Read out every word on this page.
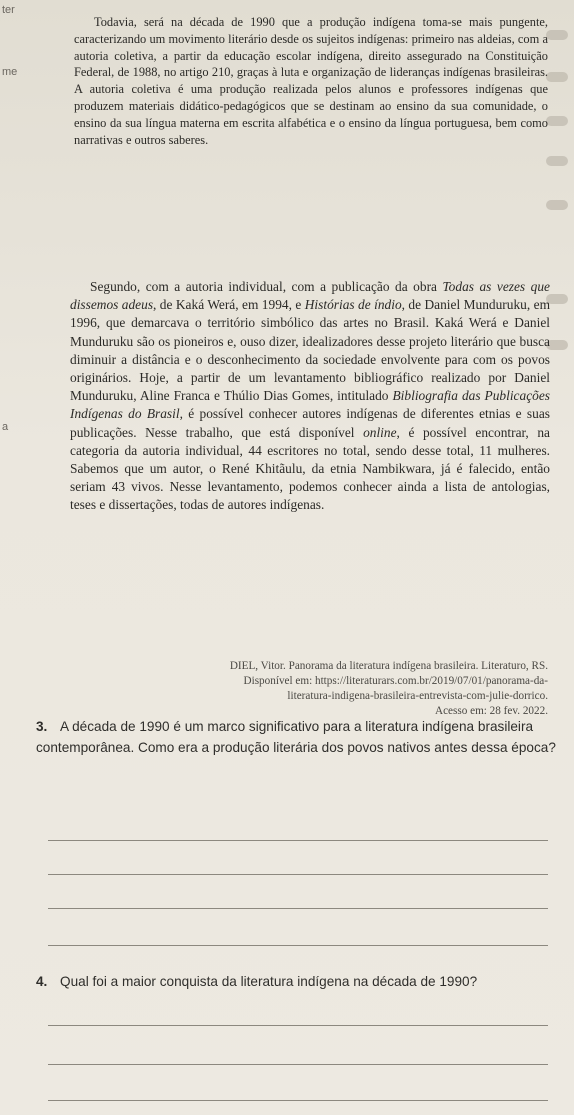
ter
me
a

Todavia, será na década de 1990 que a produção indígena toma-se mais pungente, caracterizando um movimento literário desde os sujeitos indígenas: primeiro nas aldeias, com a autoria coletiva, a partir da educação escolar indígena, direito assegurado na Constituição Federal, de 1988, no artigo 210, graças à luta e organização de lideranças indígenas brasileiras. A autoria coletiva é uma produção realizada pelos alunos e professores indígenas que produzem materiais didático-pedagógicos que se destinam ao ensino da sua comunidade, o ensino da sua língua materna em escrita alfabética e o ensino da língua portuguesa, bem como narrativas e outros saberes.

Segundo, com a autoria individual, com a publicação da obra Todas as vezes que dissemos adeus, de Kaká Werá, em 1994, e Histórias de índio, de Daniel Munduruku, em 1996, que demarcava o território simbólico das artes no Brasil. Kaká Werá e Daniel Munduruku são os pioneiros e, ouso dizer, idealizadores desse projeto literário que busca diminuir a distância e o desconhecimento da sociedade envolvente para com os povos originários. Hoje, a partir de um levantamento bibliográfico realizado por Daniel Munduruku, Aline Franca e Thúlio Dias Gomes, intitulado Bibliografia das Publicações Indígenas do Brasil, é possível conhecer autores indígenas de diferentes etnias e suas publicações. Nesse trabalho, que está disponível online, é possível encontrar, na categoria da autoria individual, 44 escritores no total, sendo desse total, 11 mulheres. Sabemos que um autor, o René Khitãulu, da etnia Nambikwara, já é falecido, então seriam 43 vivos. Nesse levantamento, podemos conhecer ainda a lista de antologias, teses e dissertações, todas de autores indígenas.

DIEL, Vitor. Panorama da literatura indígena brasileira. Literaturo, RS.

Disponível em: https://literaturars.com.br/2019/07/01/panorama-da-

literatura-indigena-brasileira-entrevista-com-julie-dorrico.

Acesso em: 28 fev. 2022.

3. A década de 1990 é um marco significativo para a literatura indígena brasileira contemporânea. Como era a produção literária dos povos nativos antes dessa época?
4. Qual foi a maior conquista da literatura indígena na década de 1990?
